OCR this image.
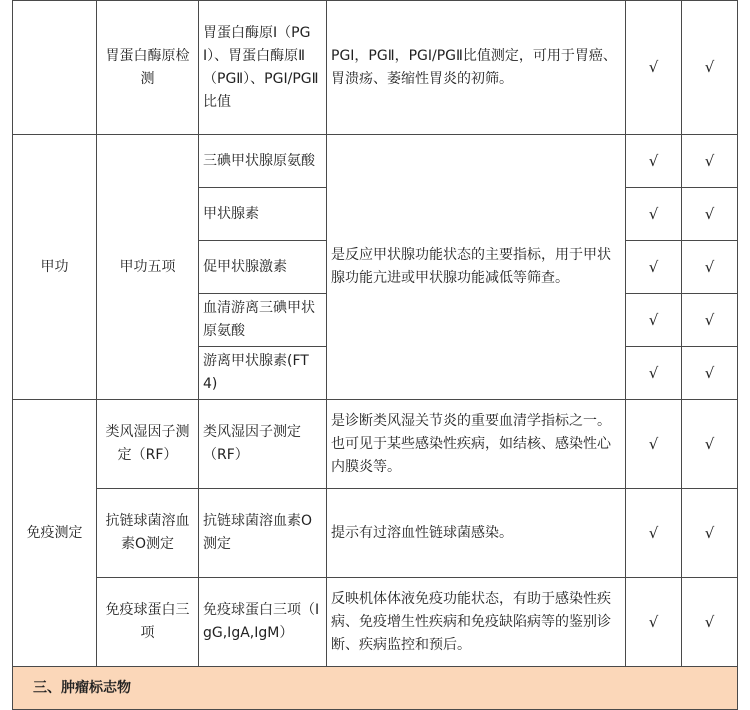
	胃蛋白酶原检测	胃蛋白酶原Ⅰ（PGⅠ）、胃蛋白酶原Ⅱ（PGⅡ）、PGⅠ/PGⅡ比值	PGⅠ，PGⅡ，PGⅠ/PGⅡ比值测定，可用于胃癌、胃溃疡、萎缩性胃炎的初筛。	√	√
甲功	甲功五项	三碘甲状腺原氨酸	是反应甲状腺功能状态的主要指标，用于甲状腺功能亢进或甲状腺功能减低等筛查。	√	√
		甲状腺素		√	√
		促甲状腺激素		√	√
		血清游离三碘甲状原氨酸		√	√
		游离甲状腺素(FT4)		√	√
免疫测定	类风湿因子测定（RF）	类风湿因子测定（RF）	是诊断类风湿关节炎的重要血清学指标之一。也可见于某些感染性疾病，如结核、感染性心内膜炎等。	√	√
	抗链球菌溶血素O测定	抗链球菌溶血素O测定	提示有过溶血性链球菌感染。	√	√
	免疫球蛋白三项	免疫球蛋白三项（IgG,IgA,IgM）	反映机体体液免疫功能状态，有助于感染性疾病、免疫增生性疾病和免疫缺陷病等的鉴别诊断、疾病监控和预后。	√	√
三、肿瘤标志物					
